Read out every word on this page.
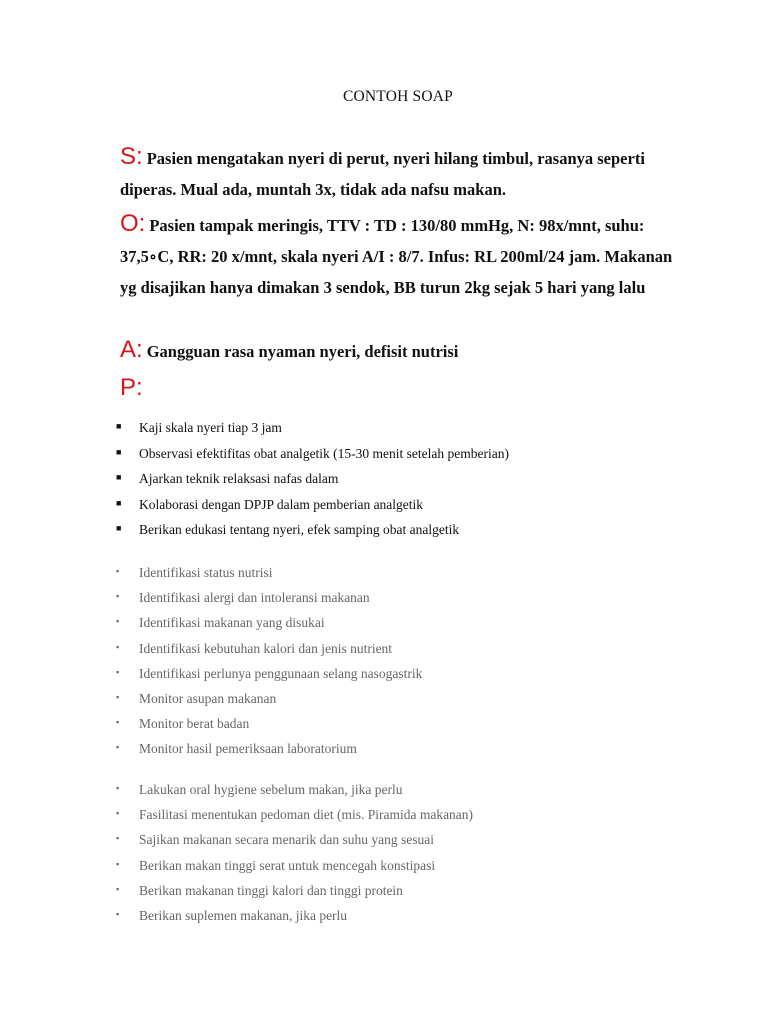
CONTOH SOAP
S: Pasien mengatakan nyeri di perut, nyeri hilang timbul, rasanya seperti diperas. Mual ada, muntah 3x, tidak ada nafsu makan.
O: Pasien tampak meringis, TTV : TD : 130/80 mmHg, N: 98x/mnt, suhu: 37,5∘C, RR: 20 x/mnt, skala nyeri A/I : 8/7. Infus: RL 200ml/24 jam. Makanan yg disajikan hanya dimakan 3 sendok, BB turun 2kg sejak 5 hari yang lalu
A: Gangguan rasa nyaman nyeri, defisit nutrisi
P:
■ Kaji skala nyeri tiap 3 jam
■ Observasi efektifitas obat analgetik (15-30 menit setelah pemberian)
■ Ajarkan teknik relaksasi nafas dalam
■ Kolaborasi dengan DPJP dalam pemberian analgetik
■ Berikan edukasi tentang nyeri, efek samping obat analgetik
▪ Identifikasi status nutrisi
▪ Identifikasi alergi dan intoleransi makanan
▪ Identifikasi makanan yang disukai
▪ Identifikasi kebutuhan kalori dan jenis nutrient
▪ Identifikasi perlunya penggunaan selang nasogastrik
▪ Monitor asupan makanan
▪ Monitor berat badan
▪ Monitor hasil pemeriksaan laboratorium
▪ Lakukan oral hygiene sebelum makan, jika perlu
▪ Fasilitasi menentukan pedoman diet (mis. Piramida makanan)
▪ Sajikan makanan secara menarik dan suhu yang sesuai
▪ Berikan makan tinggi serat untuk mencegah konstipasi
▪ Berikan makanan tinggi kalori dan tinggi protein
▪ Berikan suplemen makanan, jika perlu
